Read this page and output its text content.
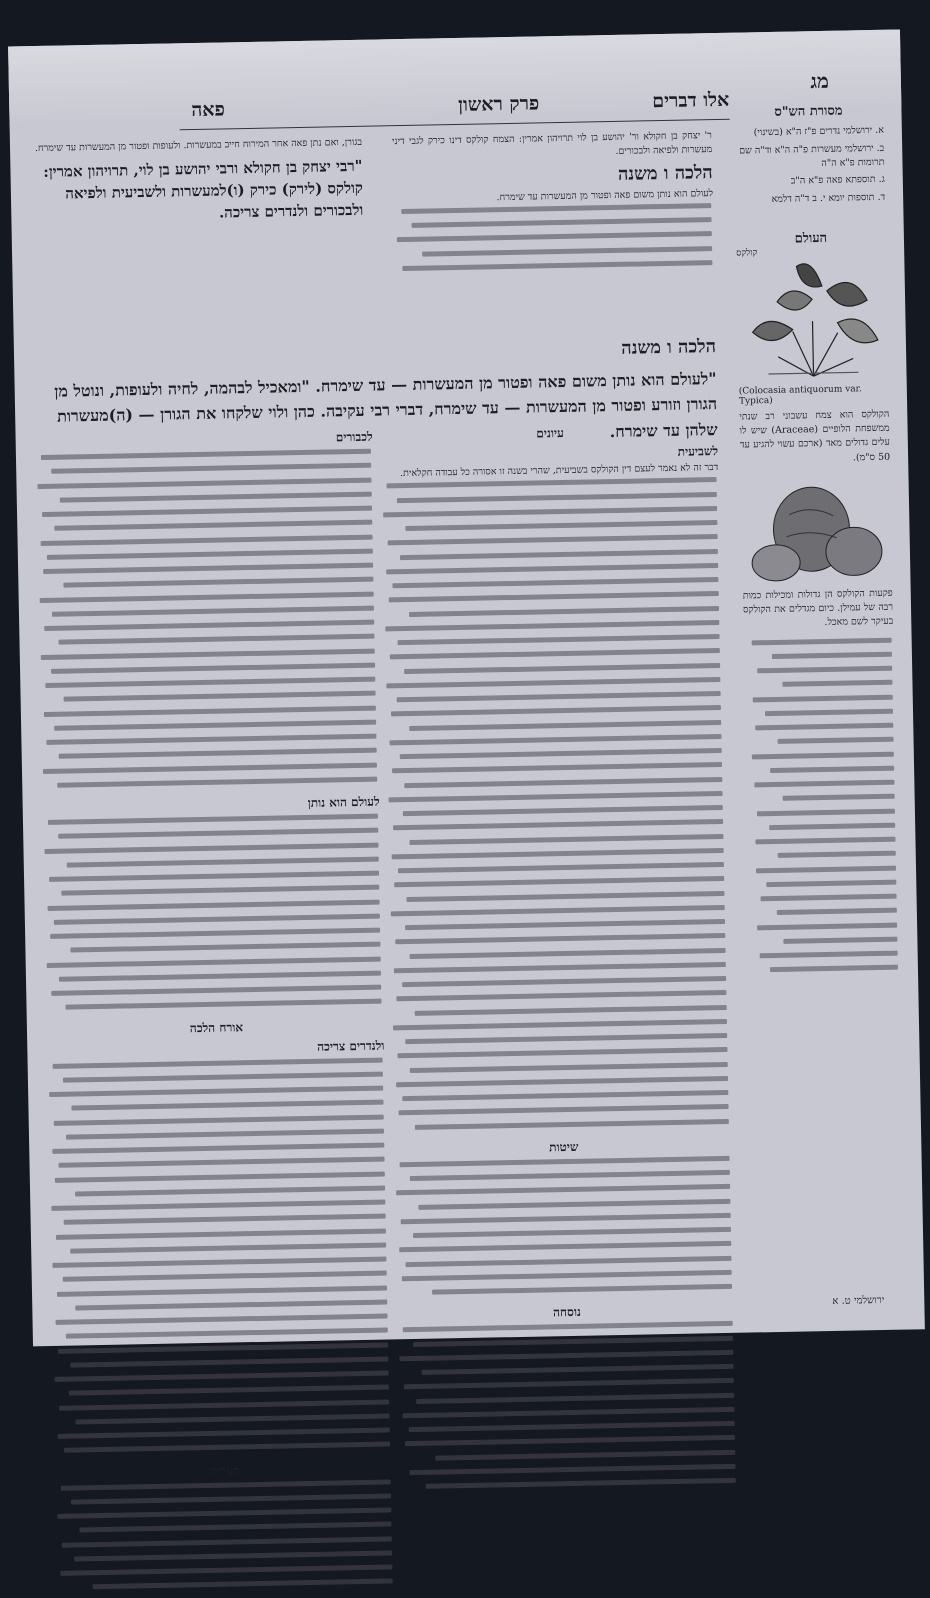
מג
אלו דברים
פרק ראשון
פאה	מסורת הש"ס
א. ירושלמי נדרים פ"ז ה"א (בשינוי)
ב. ירושלמי מעשרות פ"ה ה"א וד"ה שם תרומות פ"א ה"ה
ג. תוספתא פאה פ"א ה"ב
ד. תוספות יומא י. ב ד"ה דלמא
העולם
קולקס
(Colocasia antiquorum var. Typica)
הקולקס הוא צמח עשבוני רב שנתי ממשפחת הלופיים (Araceae) שיש לו עלים גדולים מאד (ארכם עשוי להגיע עד 50 ס"מ).
פקעות הקולקס הן גדולות ומכילות כמות רבה של עמילן. כיום מגדלים את הקולקס בעיקר לשם מאכל.
ר' יצחק בן חקולא ור' יהושע בן לוי תרויהון אמרין: הצמח קולקס דינו כירק לגבי דיני מעשרות ולפיאה ולבכורים.
הלכה ו משנה
לעולם הוא נותן משום פאה ופטור מן המעשרות עד שימרח.
בגורן, ואם נתן פאה אחר המירוח חייב במעשרות. ולעופות ופטור מן המעשרות עד שימרח.
"רבי יצחק בן חקולא ורבי יהושע בן לוי, תרויהון אמרין: קולקס (לירק) כירק (ו)למעשרות ולשביעית ולפיאה ולבכורים ולנדרים צריכה.
הלכה ו משנה
"לעולם הוא נותן משום פאה ופטור מן המעשרות — עד שימרח. "ומאכיל לבהמה, לחיה ולעופות, ונוטל מן הגורן וזורע ופטור מן המעשרות — עד שימרח, דברי רבי עקיבה. כהן ולוי שלקחו את הגורן — (ה)מעשרות שלהן עד שימרח.
עיונים
לשביעית
דבר זה לא נאמר לעצם דין הקולקס בשביעית, שהרי בשנה זו אסורה כל עבודה חקלאית.
שיטות
נוסחה
לכבורים
לעולם הוא נותן
אורח הלכה
ולנדרים צריכה
הערות
ירושלמי ט. א
